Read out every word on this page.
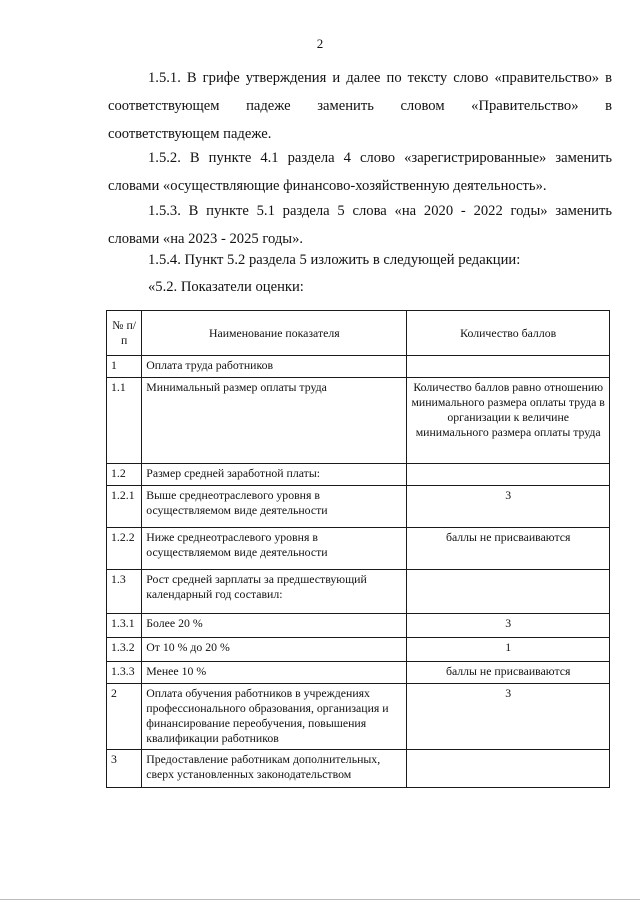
2
1.5.1. В грифе утверждения и далее по тексту слово «правительство» в соответствующем падеже заменить словом «Правительство» в соответствующем падеже.
1.5.2. В пункте 4.1 раздела 4 слово «зарегистрированные» заменить словами «осуществляющие финансово-хозяйственную деятельность».
1.5.3. В пункте 5.1 раздела 5 слова «на 2020 - 2022 годы» заменить словами «на 2023 - 2025 годы».
1.5.4. Пункт 5.2 раздела 5 изложить в следующей редакции:
«5.2. Показатели оценки:
№ п/п	Наименование показателя	Количество баллов
1	Оплата труда работников	
1.1	Минимальный размер оплаты труда	Количество баллов равно отношению минимального размера оплаты труда в организации к величине минимального размера оплаты труда
1.2	Размер средней заработной платы:	
1.2.1	Выше среднеотраслевого уровня в осуществляемом виде деятельности	3
1.2.2	Ниже среднеотраслевого уровня в осуществляемом виде деятельности	баллы не присваиваются
1.3	Рост средней зарплаты за предшествующий календарный год составил:	
1.3.1	Более 20 %	3
1.3.2	От 10 % до 20 %	1
1.3.3	Менее 10 %	баллы не присваиваются
2	Оплата обучения работников в учреждениях профессионального образования, организация и финансирование переобучения, повышения квалификации работников	3
3	Предоставление работникам дополнительных, сверх установленных законодательством	
